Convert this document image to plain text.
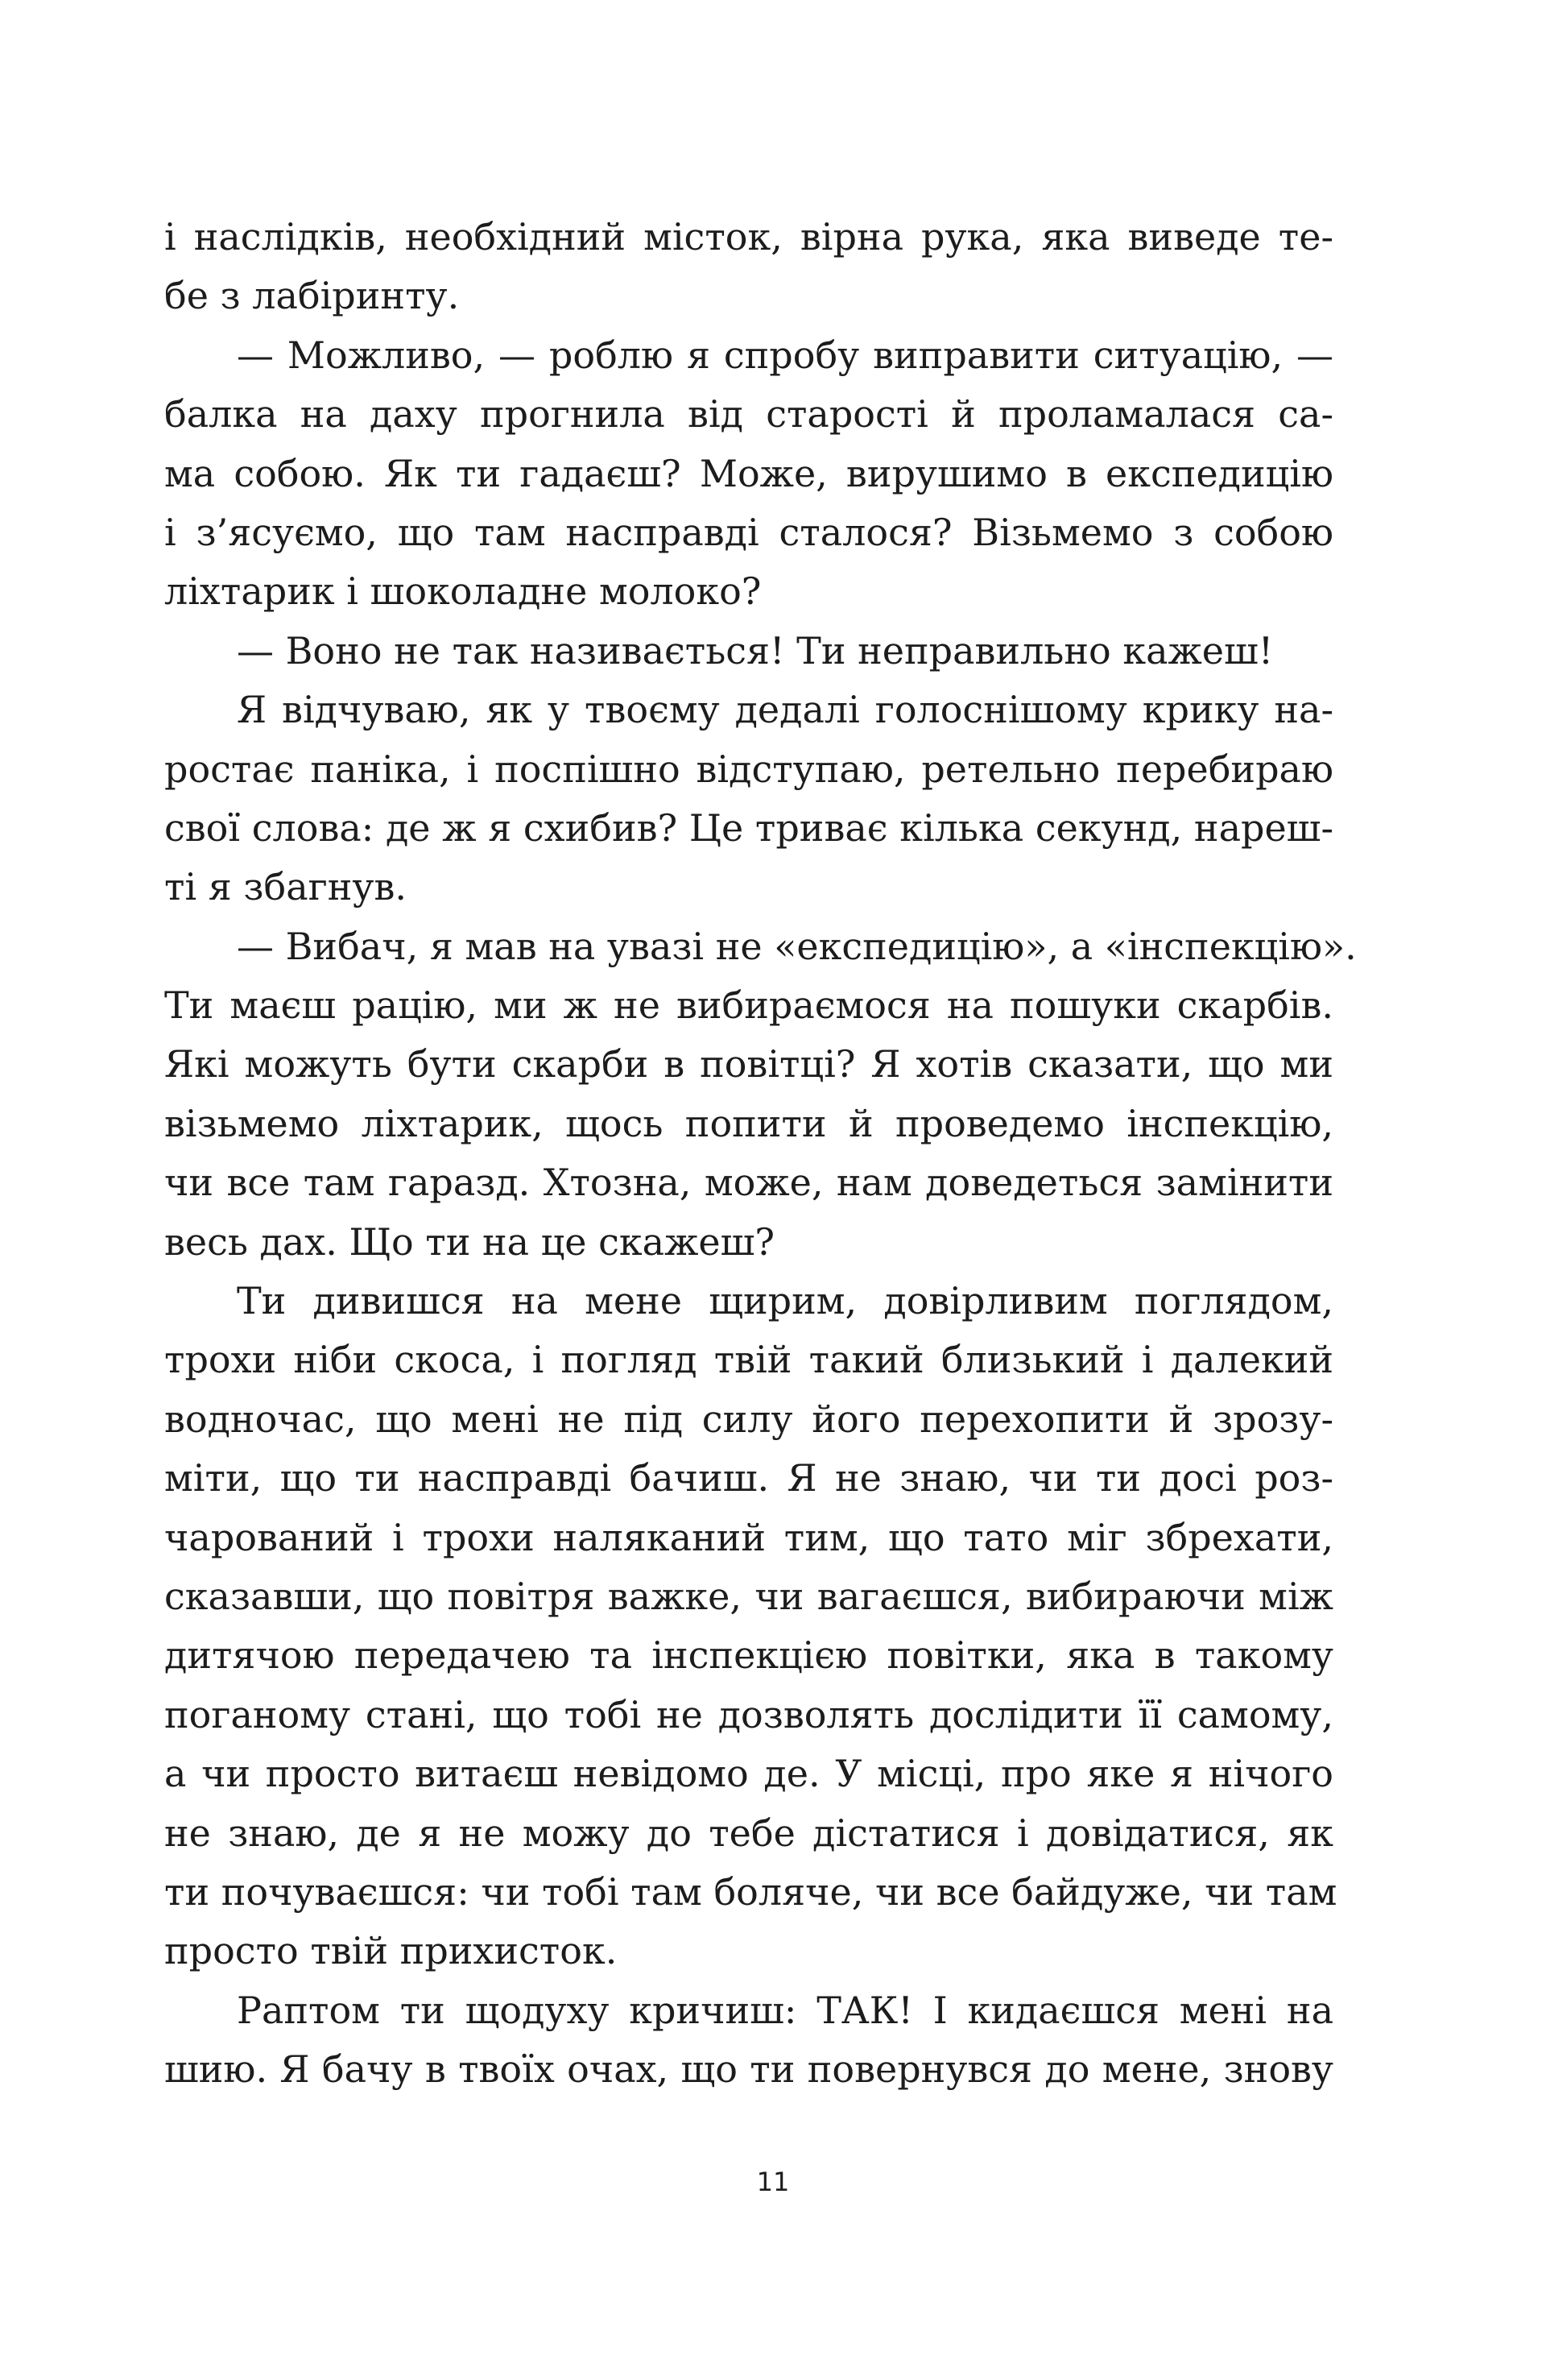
і наслідків, необхідний місток, вірна рука, яка виведе те-
бе з лабіринту.
— Можливо, — роблю я спробу виправити ситуацію, —
балка на даху прогнила від старості й проламалася са-
ма собою. Як ти гадаєш? Може, вирушимо в експедицію
і з’ясуємо, що там насправді сталося? Візьмемо з собою
ліхтарик і шоколадне молоко?
— Воно не так називається! Ти неправильно кажеш!
Я відчуваю, як у твоєму дедалі голоснішому крику на-
ростає паніка, і поспішно відступаю, ретельно перебираю
свої слова: де ж я схибив? Це триває кілька секунд, нареш-
ті я збагнув.
— Вибач, я мав на увазі не «експедицію», а «інспекцію».
Ти маєш рацію, ми ж не вибираємося на пошуки скарбів.
Які можуть бути скарби в повітці? Я хотів сказати, що ми
візьмемо ліхтарик, щось попити й проведемо інспекцію,
чи все там гаразд. Хтозна, може, нам доведеться замінити
весь дах. Що ти на це скажеш?
Ти дивишся на мене щирим, довірливим поглядом,
трохи ніби скоса, і погляд твій такий близький і далекий
водночас, що мені не під силу його перехопити й зрозу-
міти, що ти насправді бачиш. Я не знаю, чи ти досі роз-
чарований і трохи наляканий тим, що тато міг збрехати,
сказавши, що повітря важке, чи вагаєшся, вибираючи між
дитячою передачею та інспекцією повітки, яка в такому
поганому стані, що тобі не дозволять дослідити її самому,
а чи просто витаєш невідомо де. У місці, про яке я нічого
не знаю, де я не можу до тебе дістатися і довідатися, як
ти почуваєшся: чи тобі там боляче, чи все байдуже, чи там
просто твій прихисток.
Раптом ти щодуху кричиш: ТАК! І кидаєшся мені на
шию. Я бачу в твоїх очах, що ти повернувся до мене, знову
11
